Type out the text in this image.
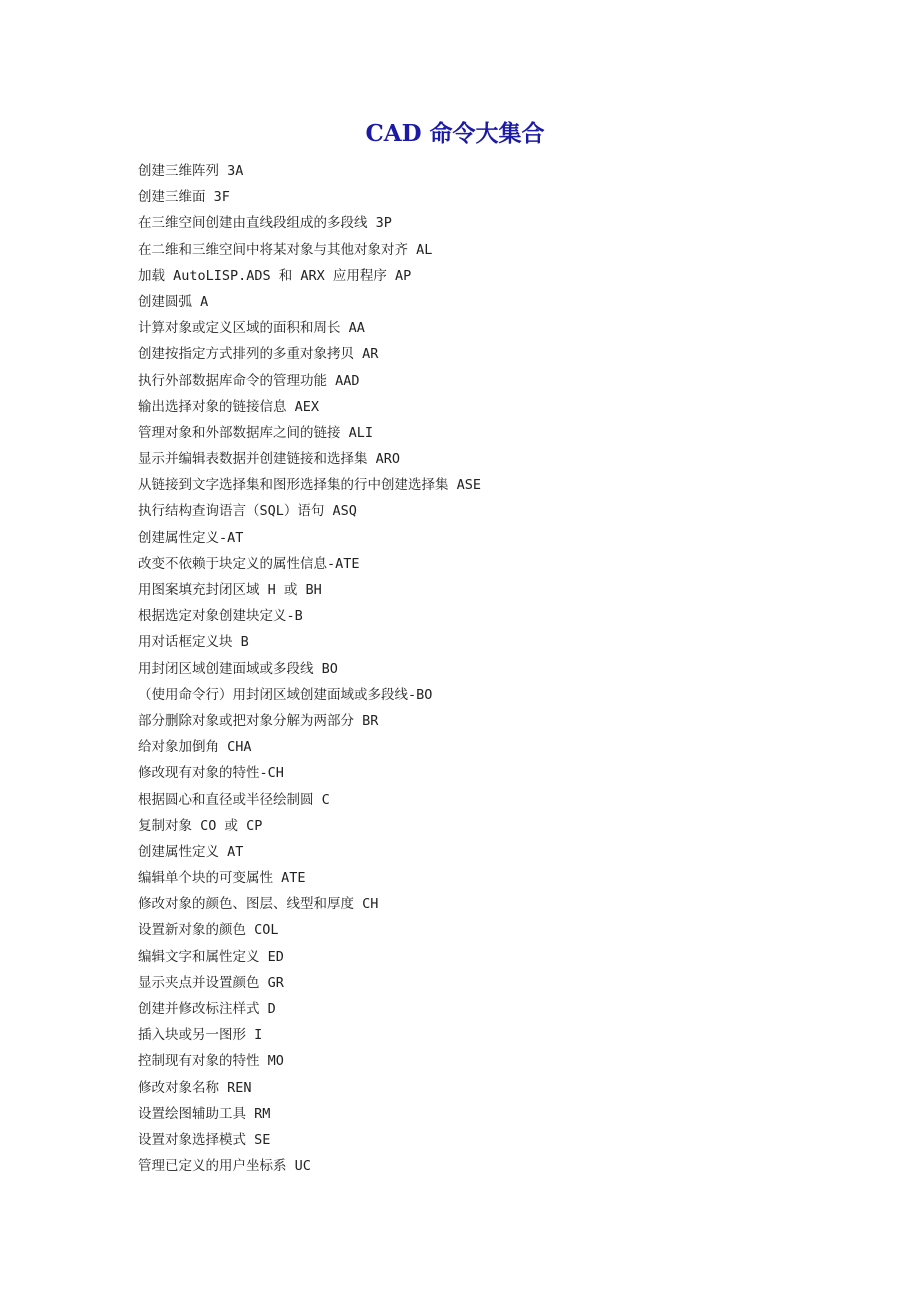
CAD 命令大集合
创建三维阵列 3A
创建三维面 3F
在三维空间创建由直线段组成的多段线 3P
在二维和三维空间中将某对象与其他对象对齐 AL
加载 AutoLISP.ADS 和 ARX 应用程序 AP
创建圆弧 A
计算对象或定义区域的面积和周长 AA
创建按指定方式排列的多重对象拷贝 AR
执行外部数据库命令的管理功能 AAD
输出选择对象的链接信息 AEX
管理对象和外部数据库之间的链接 ALI
显示并编辑表数据并创建链接和选择集 ARO
从链接到文字选择集和图形选择集的行中创建选择集 ASE
执行结构查询语言（SQL）语句 ASQ
创建属性定义-AT
改变不依赖于块定义的属性信息-ATE
用图案填充封闭区域 H 或 BH
根据选定对象创建块定义-B
用对话框定义块 B
用封闭区域创建面域或多段线 BO
（使用命令行）用封闭区域创建面域或多段线-BO
部分删除对象或把对象分解为两部分 BR
给对象加倒角 CHA
修改现有对象的特性-CH
根据圆心和直径或半径绘制圆 C
复制对象 CO 或 CP
创建属性定义 AT
编辑单个块的可变属性 ATE
修改对象的颜色、图层、线型和厚度 CH
设置新对象的颜色 COL
编辑文字和属性定义 ED
显示夹点并设置颜色 GR
创建并修改标注样式 D
插入块或另一图形 I
控制现有对象的特性 MO
修改对象名称 REN
设置绘图辅助工具 RM
设置对象选择模式 SE
管理已定义的用户坐标系 UC
